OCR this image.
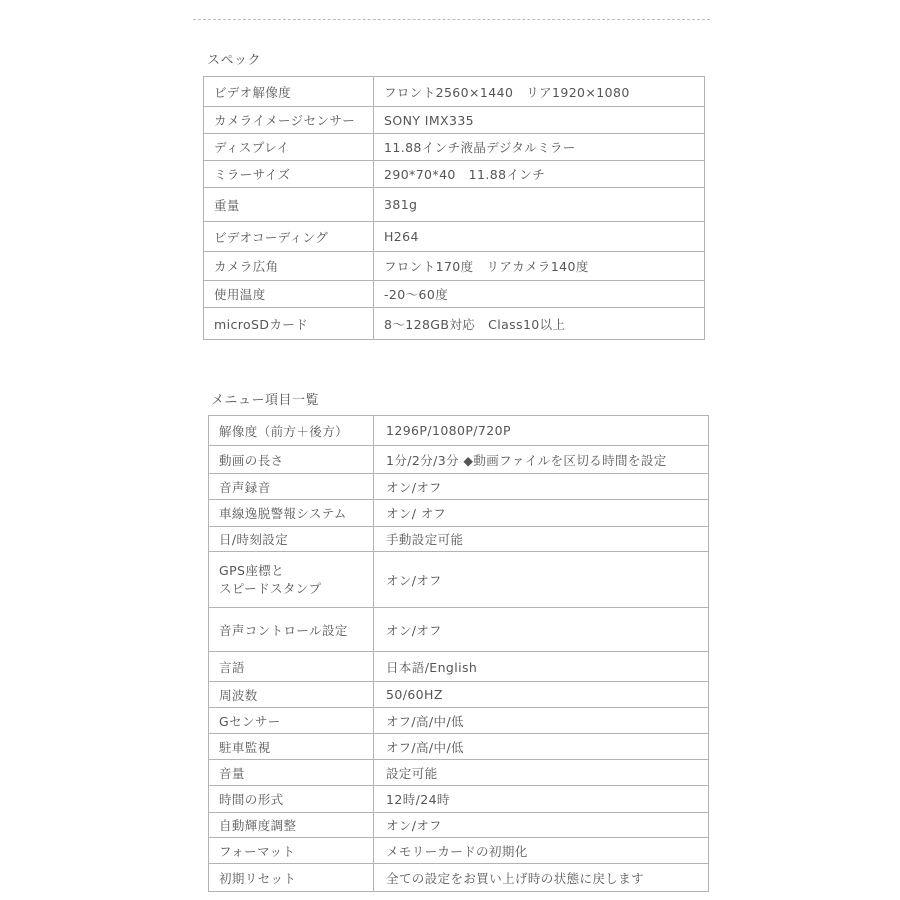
スペック
ビデオ解像度	フロント2560×1440　リア1920×1080
カメライメージセンサー	SONY IMX335
ディスプレイ	11.88インチ液晶デジタルミラー
ミラーサイズ	290*70*40　11.88インチ
重量	381g
ビデオコーディング	H264
カメラ広角	フロント170度　リアカメラ140度
使用温度	-20～60度
microSDカード	8～128GB対応　Class10以上
メニュー項目一覧
解像度（前方＋後方）	1296P/1080P/720P
動画の長さ	1分/2分/3分 ◆動画ファイルを区切る時間を設定
音声録音	オン/オフ
車線逸脱警報システム	オン/ オフ
日/時刻設定	手動設定可能

GPS座標と
スピードスタンプ	オン/オフ
音声コントロール設定	オン/オフ
言語	日本語/English
周波数	50/60HZ
Gセンサー	オフ/高/中/低
駐車監視	オフ/高/中/低
音量	設定可能
時間の形式	12時/24時
自動輝度調整	オン/オフ
フォーマット	メモリーカードの初期化
初期リセット	全ての設定をお買い上げ時の状態に戻します
